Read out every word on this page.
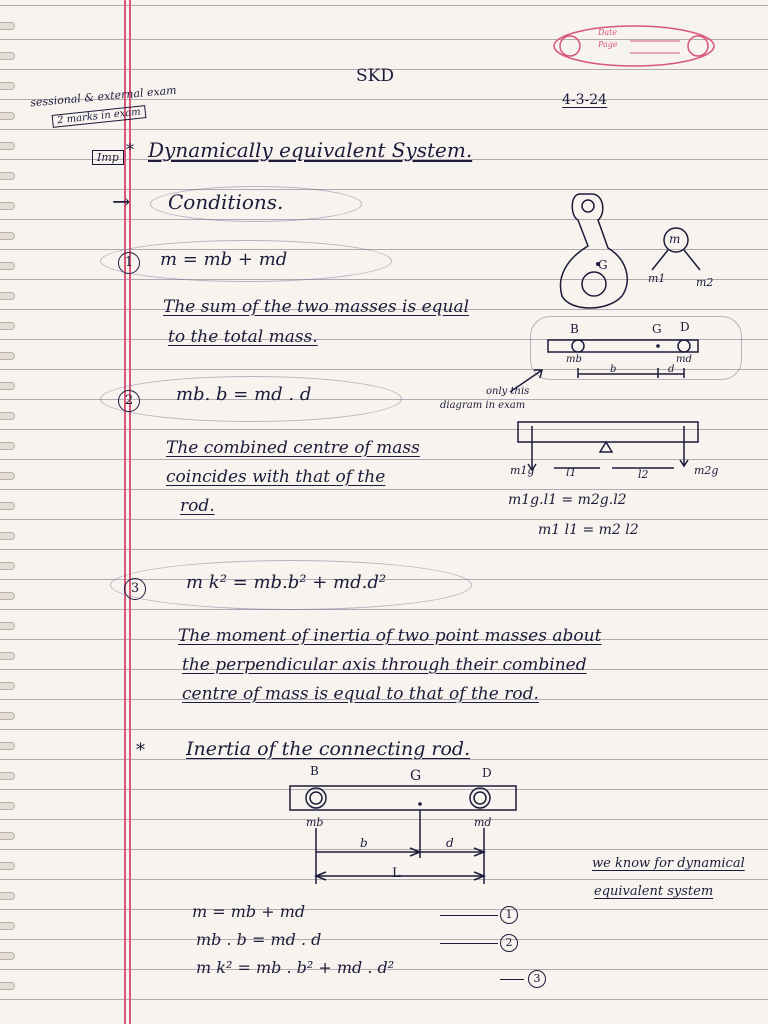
Date
Page
sessional & external exam
2 marks in exam
SKD
4-3-24
Imp * Dynamically equivalent System.
→ Conditions.
1	m = mb + md
The sum of the two masses is equal
to the total mass.
2	mb. b = md . d
The combined centre of mass
coincides with that of the
rod.
3	m k² = mb.b² + md.d²
The moment of inertia of two point masses about
the perpendicular axis through their combined
centre of mass is equal to that of the rod.
m
G
m1	m2
B	G D
mb	md
b	d
only this
diagram in exam
m1g	l1	l2	m2g
m1g.l1 = m2g.l2
m1 l1 = m2 l2
* Inertia of the connecting rod.
B	G	D
mb	md
b	d
L
we know for dynamical
equivalent system
m = mb + md
mb . b = md . d
m k² = mb . b² + md . d²
1
2
3
